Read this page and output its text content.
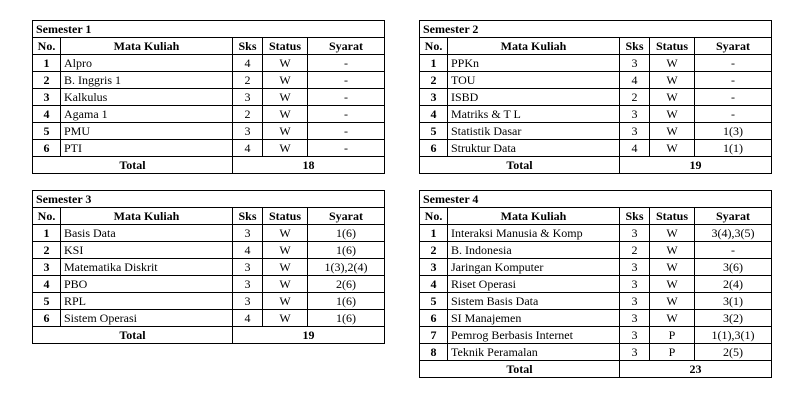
Semester 1				
No.	Mata Kuliah	Sks	Status	Syarat
1	Alpro	4	W	-
2	B. Inggris 1	2	W	-
3	Kalkulus	3	W	-
4	Agama 1	2	W	-
5	PMU	3	W	-
6	PTI	4	W	-
Total		18		
Semester 2				
No.	Mata Kuliah	Sks	Status	Syarat
1	PPKn	3	W	-
2	TOU	4	W	-
3	ISBD	2	W	-
4	Matriks & T L	3	W	-
5	Statistik Dasar	3	W	1(3)
6	Struktur Data	4	W	1(1)
Total		19		
Semester 3				
No.	Mata Kuliah	Sks	Status	Syarat
1	Basis Data	3	W	1(6)
2	KSI	4	W	1(6)
3	Matematika Diskrit	3	W	1(3),2(4)
4	PBO	3	W	2(6)
5	RPL	3	W	1(6)
6	Sistem Operasi	4	W	1(6)
Total		19		
Semester 4				
No.	Mata Kuliah	Sks	Status	Syarat
1	Interaksi Manusia & Komp	3	W	3(4),3(5)
2	B. Indonesia	2	W	-
3	Jaringan Komputer	3	W	3(6)
4	Riset Operasi	3	W	2(4)
5	Sistem Basis Data	3	W	3(1)
6	SI Manajemen	3	W	3(2)
7	Pemrog Berbasis Internet	3	P	1(1),3(1)
8	Teknik Peramalan	3	P	2(5)
Total		23		
